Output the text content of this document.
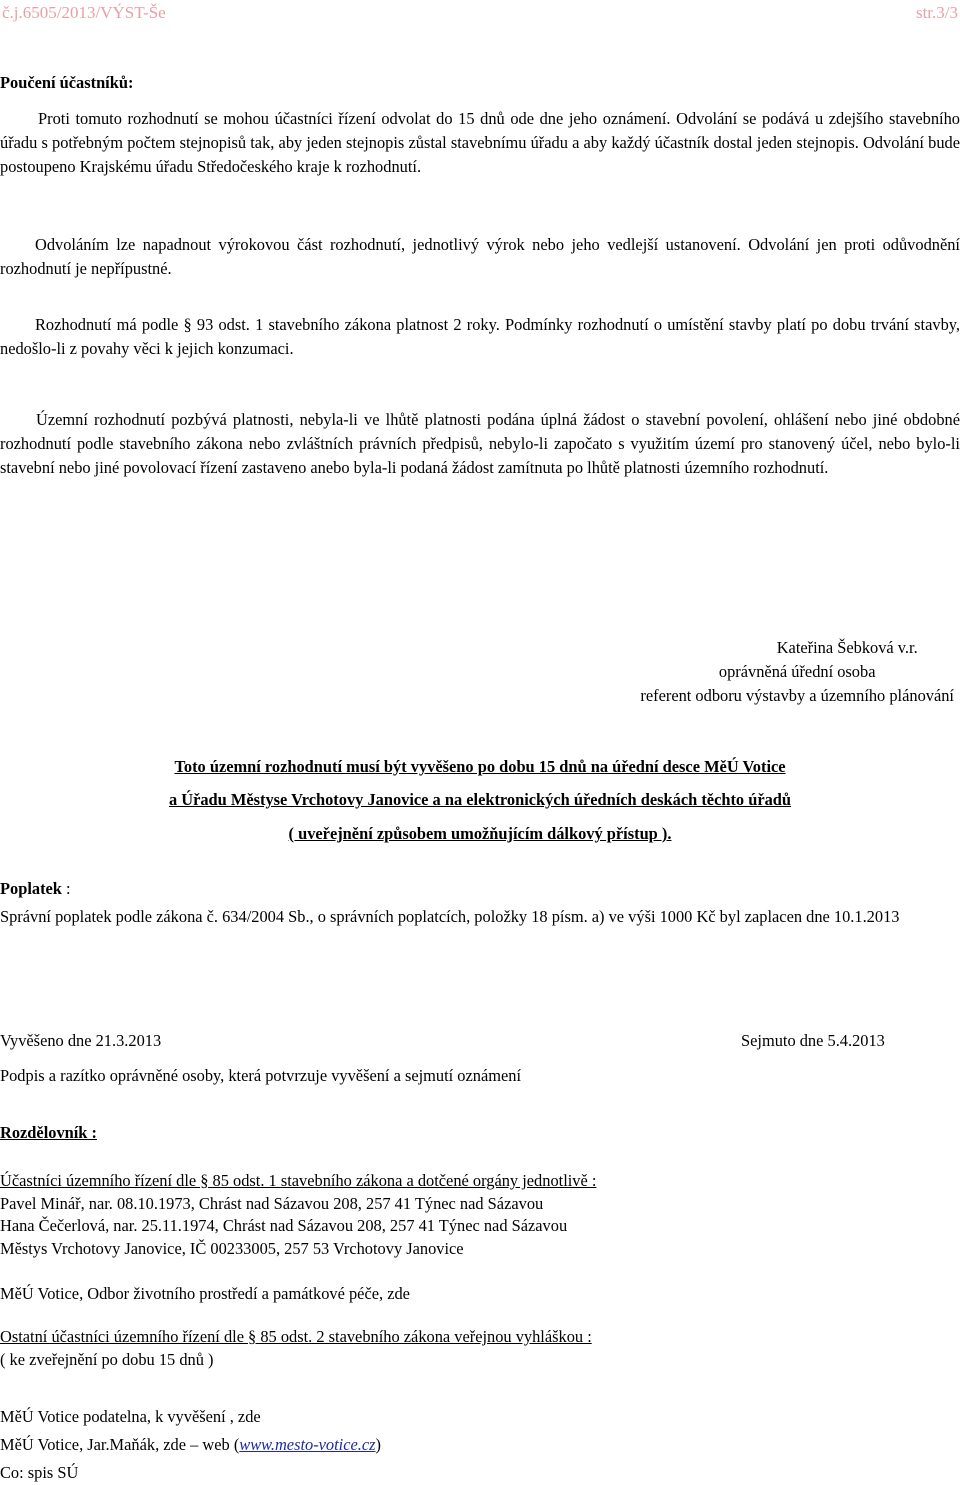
č.j.6505/2013/VÝST-Še	str.3/3
Poučení účastníků:

Proti tomuto rozhodnutí se mohou účastníci řízení odvolat do 15 dnů ode dne jeho oznámení. Odvolání se podává u zdejšího stavebního úřadu s potřebným počtem stejnopisů tak, aby jeden stejnopis zůstal stavebnímu úřadu a aby každý účastník dostal jeden stejnopis. Odvolání bude postoupeno Krajskému úřadu Středočeského kraje k rozhodnutí.

Odvoláním lze napadnout výrokovou část rozhodnutí, jednotlivý výrok nebo jeho vedlejší ustanovení. Odvolání jen proti odůvodnění rozhodnutí je nepřípustné.

Rozhodnutí má podle § 93 odst. 1 stavebního zákona platnost 2 roky. Podmínky rozhodnutí o umístění stavby platí po dobu trvání stavby, nedošlo-li z povahy věci k jejich konzumaci.

Územní rozhodnutí pozbývá platnosti, nebyla-li ve lhůtě platnosti podána úplná žádost o stavební povolení, ohlášení nebo jiné obdobné rozhodnutí podle stavebního zákona nebo zvláštních právních předpisů, nebylo-li započato s využitím území pro stanovený účel, nebo bylo-li stavební nebo jiné povolovací řízení zastaveno anebo byla-li podaná žádost zamítnuta po lhůtě platnosti územního rozhodnutí.

Kateřina Šebková v.r.
oprávněná úřední osoba
referent odboru výstavby a územního plánování
Toto územní rozhodnutí musí být vyvěšeno po dobu 15 dnů na úřední desce MěÚ Votice
a Úřadu Městyse Vrchotovy Janovice a na elektronických úředních deskách těchto úřadů
( uveřejnění způsobem umožňujícím dálkový přístup ).
Poplatek :

Správní poplatek podle zákona č. 634/2004 Sb., o správních poplatcích, položky 18 písm. a) ve výši 1000 Kč byl zaplacen dne 10.1.2013

Vyvěšeno dne 21.3.2013	Sejmuto dne 5.4.2013
Podpis a razítko oprávněné osoby, která potvrzuje vyvěšení a sejmutí oznámení
Rozdělovník :
Účastníci územního řízení dle § 85 odst. 1 stavebního zákona a dotčené orgány jednotlivě :
Pavel Minář, nar. 08.10.1973, Chrást nad Sázavou 208, 257 41 Týnec nad Sázavou
Hana Čečerlová, nar. 25.11.1974, Chrást nad Sázavou 208, 257 41 Týnec nad Sázavou
Městys Vrchotovy Janovice, IČ 00233005, 257 53 Vrchotovy Janovice
MěÚ Votice, Odbor životního prostředí a památkové péče, zde
Ostatní účastníci územního řízení dle § 85 odst. 2 stavebního zákona veřejnou vyhláškou :
( ke zveřejnění po dobu 15 dnů )
MěÚ Votice podatelna, k vyvěšení , zde
MěÚ Votice, Jar.Maňák, zde – web (www.mesto-votice.cz)
Co: spis SÚ
